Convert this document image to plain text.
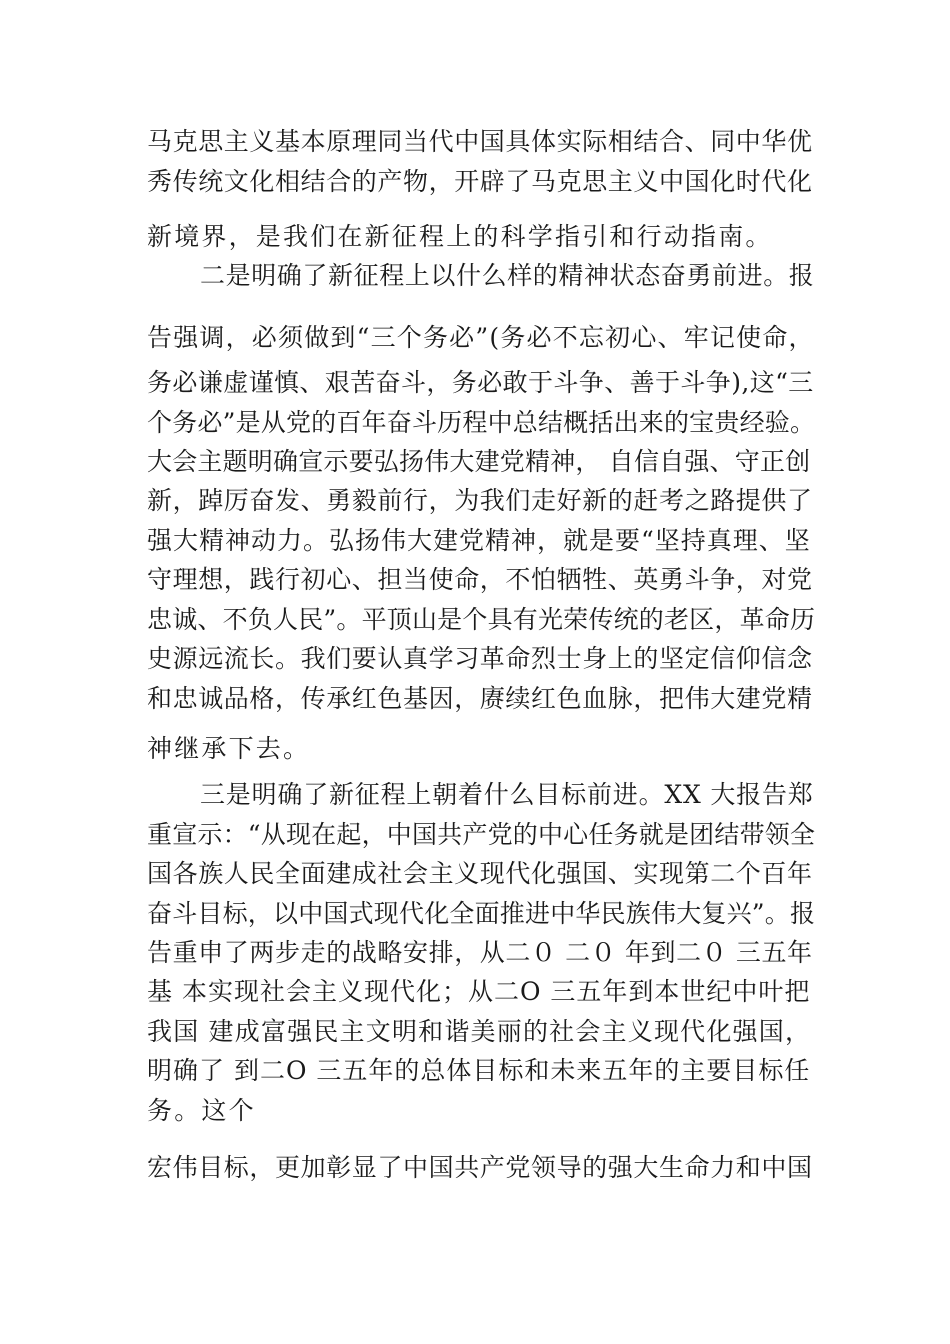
马克思主义基本原理同当代中国具体实际相结合、同中华优
秀传统文化相结合的产物，开辟了马克思主义中国化时代化
新境界，是我们在新征程上的科学指引和行动指南。
二是明确了新征程上以什么样的精神状态奋勇前进。报
告强调，必须做到“三个务必”(务必不忘初心、牢记使命，
务必谦虚谨慎、艰苦奋斗，务必敢于斗争、善于斗争),这“三
个务必”是从党的百年奋斗历程中总结概括出来的宝贵经验。
大会主题明确宣示要弘扬伟大建党精神， 自信自强、守正创
新，踔厉奋发、勇毅前行，为我们走好新的赶考之路提供了
强大精神动力。弘扬伟大建党精神，就是要“坚持真理、坚
守理想，践行初心、担当使命，不怕牺牲、英勇斗争，对党
忠诚、不负人民”。平顶山是个具有光荣传统的老区，革命历
史源远流长。我们要认真学习革命烈士身上的坚定信仰信念
和忠诚品格，传承红色基因，赓续红色血脉，把伟大建党精
神继承下去。
三是明确了新征程上朝着什么目标前进。XX 大报告郑
重宣示：“从现在起，中国共产党的中心任务就是团结带领全
国各族人民全面建成社会主义现代化强国、实现第二个百年
奋斗目标，以中国式现代化全面推进中华民族伟大复兴”。报
告重申了两步走的战略安排，从二０ 二０ 年到二０ 三五年
基 本实现社会主义现代化；从二O 三五年到本世纪中叶把
我国 建成富强民主文明和谐美丽的社会主义现代化强国，
明确了 到二O 三五年的总体目标和未来五年的主要目标任
务。这个
宏伟目标，更加彰显了中国共产党领导的强大生命力和中国
